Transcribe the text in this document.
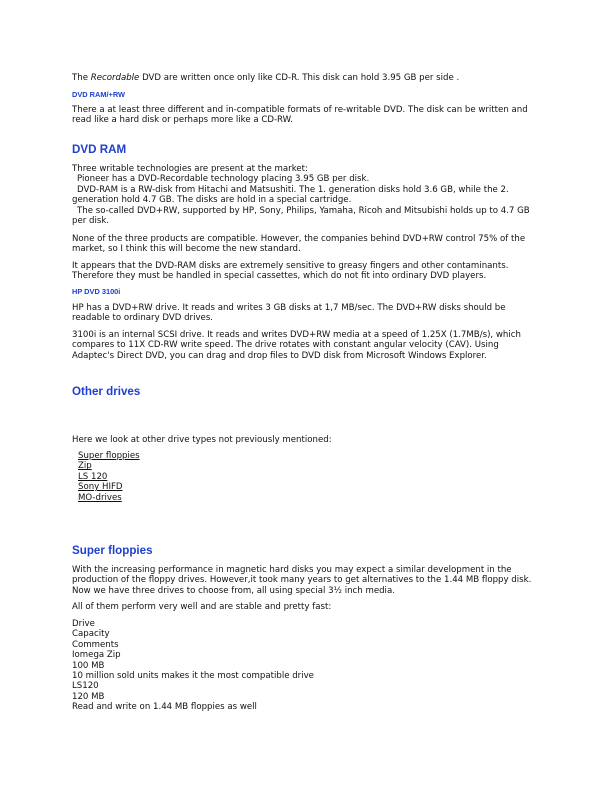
The Recordable DVD are written once only like CD-R. This disk can hold 3.95 GB per side .

DVD RAM/+RW

There a at least three different and in-compatible formats of re-writable DVD. The disk can be written and read like a hard disk or perhaps more like a CD-RW.

DVD RAM
Three writable technologies are present at the market:
Pioneer has a DVD-Recordable technology placing 3.95 GB per disk.
DVD-RAM is a RW-disk from Hitachi and Matsushiti. The 1. generation disks hold 3.6 GB, while the 2. generation hold 4.7 GB. The disks are hold in a special cartridge.
The so-called DVD+RW, supported by HP, Sony, Philips, Yamaha, Ricoh and Mitsubishi holds up to 4.7 GB per disk.

None of the three products are compatible. However, the companies behind DVD+RW control 75% of the market, so I think this will become the new standard.

It appears that the DVD-RAM disks are extremely sensitive to greasy fingers and other contaminants. Therefore they must be handled in special cassettes, which do not fit into ordinary DVD players.

HP DVD 3100i

HP has a DVD+RW drive. It reads and writes 3 GB disks at 1,7 MB/sec. The DVD+RW disks should be readable to ordinary DVD drives.

3100i is an internal SCSI drive. It reads and writes DVD+RW media at a speed of 1.25X (1.7MB/s), which compares to 11X CD-RW write speed. The drive rotates with constant angular velocity (CAV). Using Adaptec's Direct DVD, you can drag and drop files to DVD disk from Microsoft Windows Explorer.

Other drives

Here we look at other drive types not previously mentioned:

Super floppies
Zip
LS 120
Sony HIFD
MO-drives
Super floppies

With the increasing performance in magnetic hard disks you may expect a similar development in the production of the floppy drives. However,it took many years to get alternatives to the 1.44 MB floppy disk. Now we have three drives to choose from, all using special 3½ inch media.

All of them perform very well and are stable and pretty fast:

Drive
Capacity
Comments
Iomega Zip
100 MB
10 million sold units makes it the most compatible drive
LS120
120 MB
Read and write on 1.44 MB floppies as well
